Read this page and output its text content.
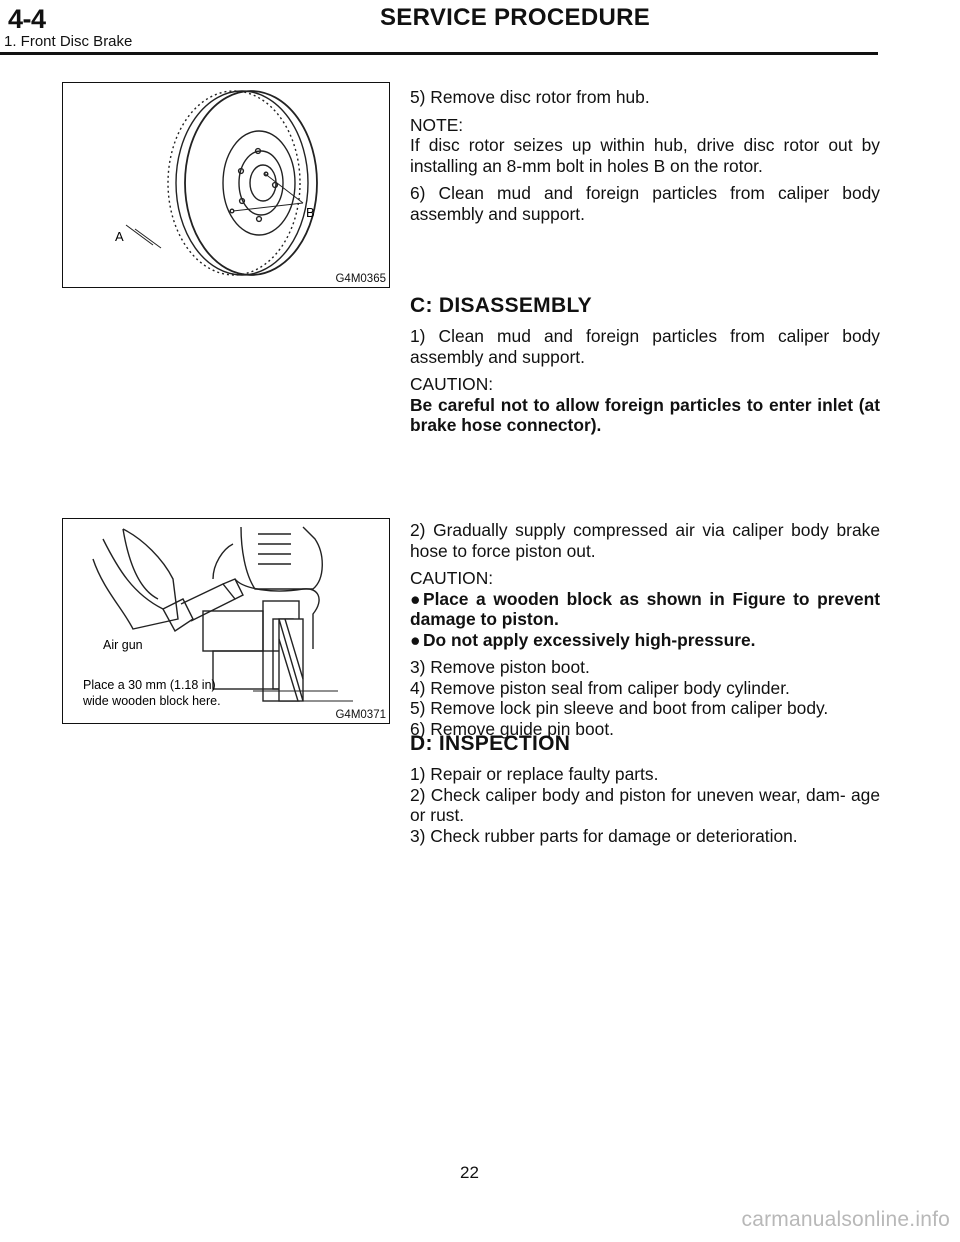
4-4	SERVICE PROCEDURE
1. Front Disc Brake
B
A
G4M0365
Air gun
Place a 30 mm (1.18 in)
wide wooden block here.
G4M0371

5) Remove disc rotor from hub.

NOTE:

If disc rotor seizes up within hub, drive disc rotor out by installing an 8-mm bolt in holes B on the rotor.

6) Clean mud and foreign particles from caliper body assembly and support.

C: DISASSEMBLY

1) Clean mud and foreign particles from caliper body assembly and support.

CAUTION:

Be careful not to allow foreign particles to enter inlet (at brake hose connector).

2) Gradually supply compressed air via caliper body brake hose to force piston out.

CAUTION:

● Place a wooden block as shown in Figure to prevent damage to piston.

● Do not apply excessively high-pressure.

3) Remove piston boot.

4) Remove piston seal from caliper body cylinder.

5) Remove lock pin sleeve and boot from caliper body.

6) Remove guide pin boot.

D: INSPECTION

1) Repair or replace faulty parts.

2) Check caliper body and piston for uneven wear, dam- age or rust.

3) Check rubber parts for damage or deterioration.

22
carmanualsonline.info
